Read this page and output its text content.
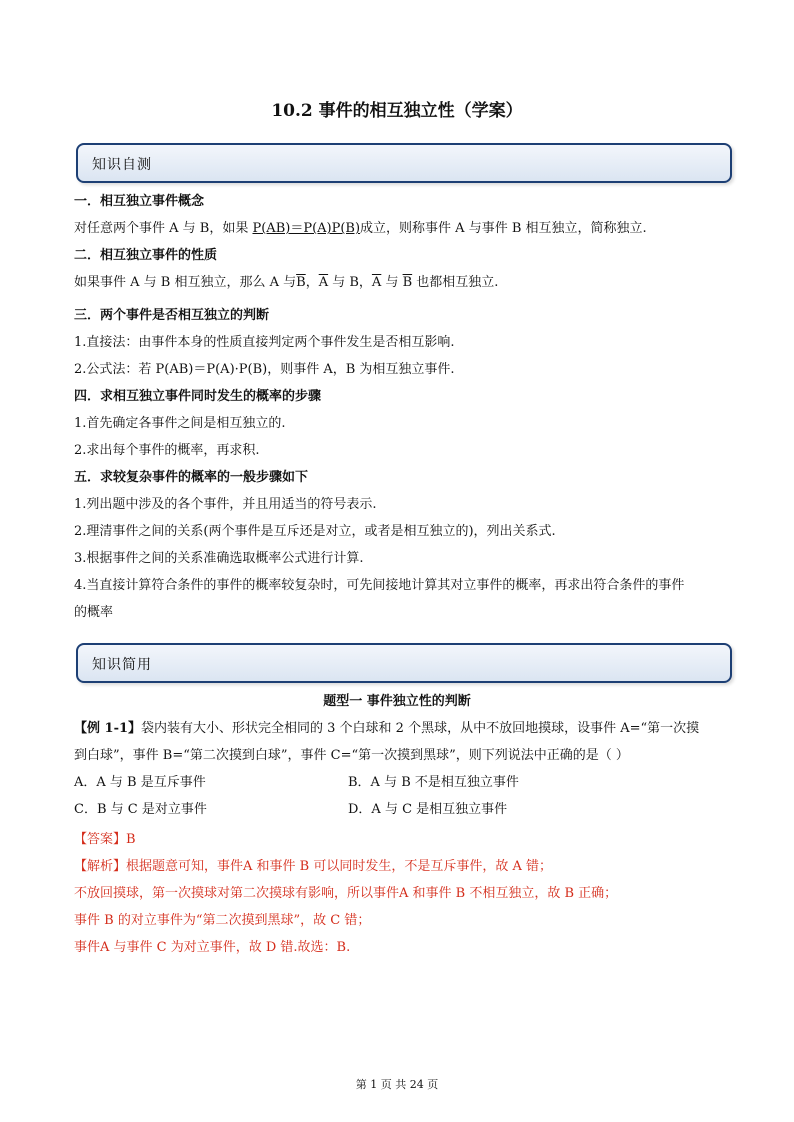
10.2 事件的相互独立性（学案）
知识自测
一．相互独立事件概念
对任意两个事件 A 与 B，如果 P(AB)＝P(A)P(B)成立，则称事件 A 与事件 B 相互独立，简称独立.
二．相互独立事件的性质
如果事件 A 与 B 相互独立，那么 A 与$\overline{B}$，$\overline{A}$ 与 B，$\overline{A}$ 与 $\overline{B}$ 也都相互独立.
三．两个事件是否相互独立的判断
1.直接法：由事件本身的性质直接判定两个事件发生是否相互影响.
2.公式法：若 P(AB)＝P(A)·P(B)，则事件 A，B 为相互独立事件.
四．求相互独立事件同时发生的概率的步骤
1.首先确定各事件之间是相互独立的.
2.求出每个事件的概率，再求积.
五．求较复杂事件的概率的一般步骤如下
1.列出题中涉及的各个事件，并且用适当的符号表示.
2.理清事件之间的关系(两个事件是互斥还是对立，或者是相互独立的)，列出关系式.
3.根据事件之间的关系准确选取概率公式进行计算.
4.当直接计算符合条件的事件的概率较复杂时，可先间接地计算其对立事件的概率，再求出符合条件的事件
的概率
知识简用
题型一 事件独立性的判断
【例 1-1】袋内装有大小、形状完全相同的 3 个白球和 2 个黑球，从中不放回地摸球，设事件 A=“第一次摸
到白球”，事件 B=“第二次摸到白球”，事件 C=“第一次摸到黑球”，则下列说法中正确的是（ ）
A．A 与 B 是互斥事件	B．A 与 B 不是相互独立事件
C．B 与 C 是对立事件	D．A 与 C 是相互独立事件
【答案】B
【解析】根据题意可知，事件A 和事件 B 可以同时发生，不是互斥事件，故 A 错；
不放回摸球，第一次摸球对第二次摸球有影响，所以事件A 和事件 B 不相互独立，故 B 正确；
事件 B 的对立事件为“第二次摸到黑球”，故 C 错；
事件A 与事件 C 为对立事件，故 D 错.故选：B.
第 1 页 共 24 页
